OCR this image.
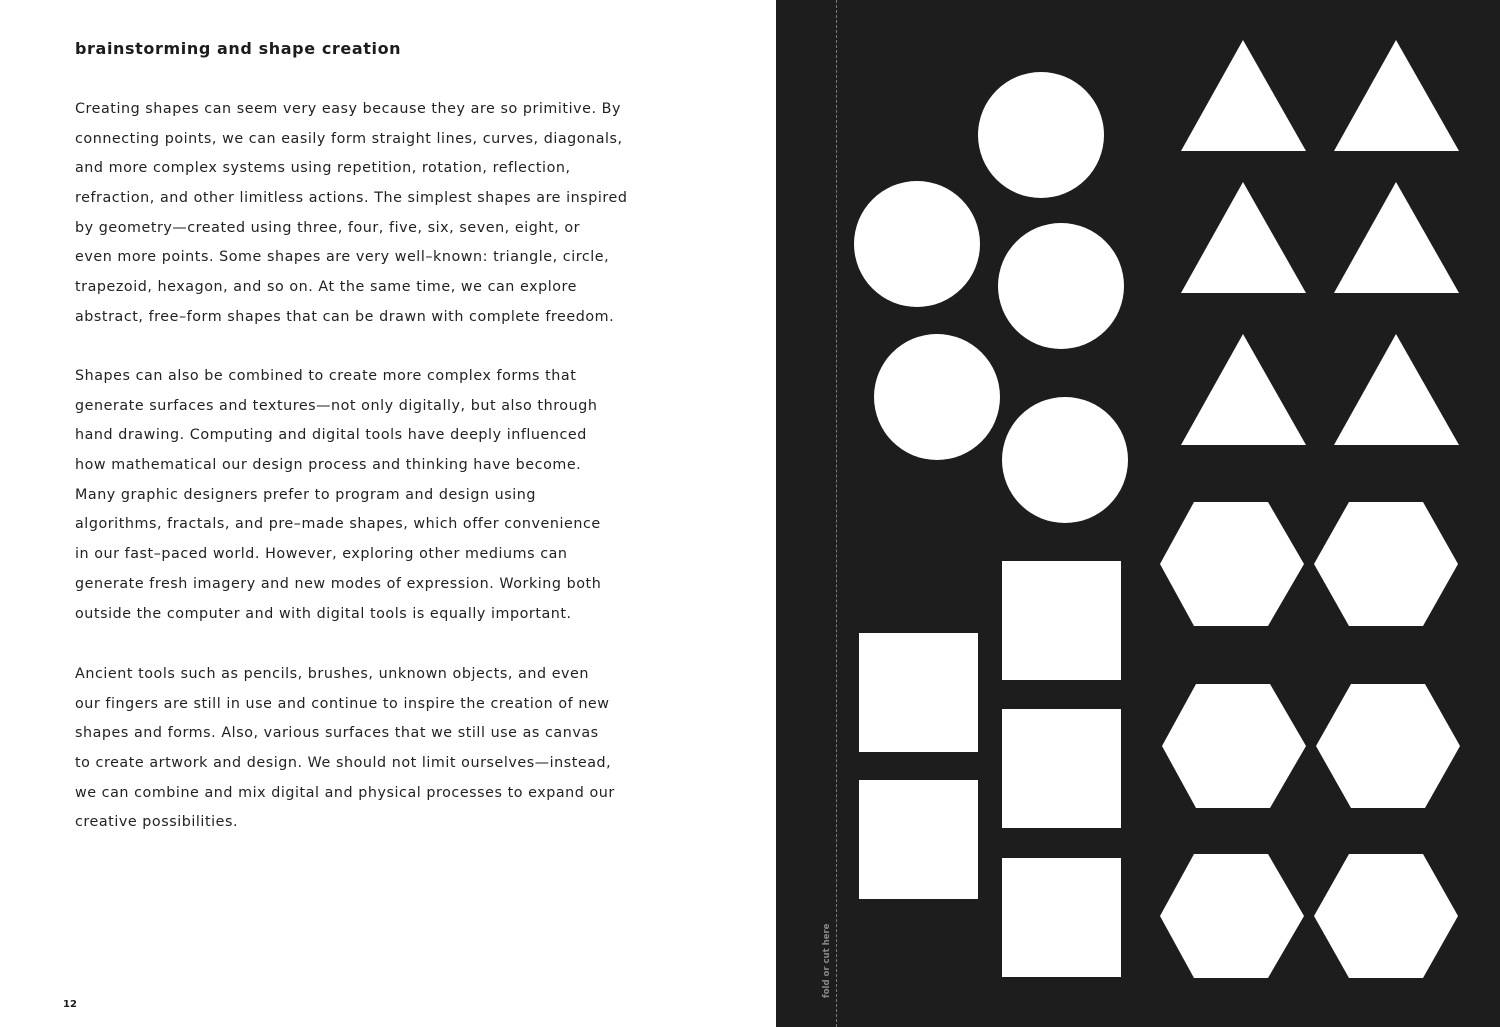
brainstorming and shape creation
Creating shapes can seem very easy because they are so primitive. By
connecting points, we can easily form straight lines, curves, diagonals,
and more complex systems using repetition, rotation, reflection,
refraction, and other limitless actions. The simplest shapes are inspired
by geometry—created using three, four, five, six, seven, eight, or
even more points. Some shapes are very well–known: triangle, circle,
trapezoid, hexagon, and so on. At the same time, we can explore
abstract, free–form shapes that can be drawn with complete freedom.
Shapes can also be combined to create more complex forms that
generate surfaces and textures—not only digitally, but also through
hand drawing. Computing and digital tools have deeply influenced
how mathematical our design process and thinking have become.
Many graphic designers prefer to program and design using
algorithms, fractals, and pre–made shapes, which offer convenience
in our fast–paced world. However, exploring other mediums can
generate fresh imagery and new modes of expression. Working both
outside the computer and with digital tools is equally important.
Ancient tools such as pencils, brushes, unknown objects, and even
our fingers are still in use and continue to inspire the creation of new
shapes and forms. Also, various surfaces that we still use as canvas
to create artwork and design. We should not limit ourselves—instead,
we can combine and mix digital and physical processes to expand our
creative possibilities.
12
fold or cut here
